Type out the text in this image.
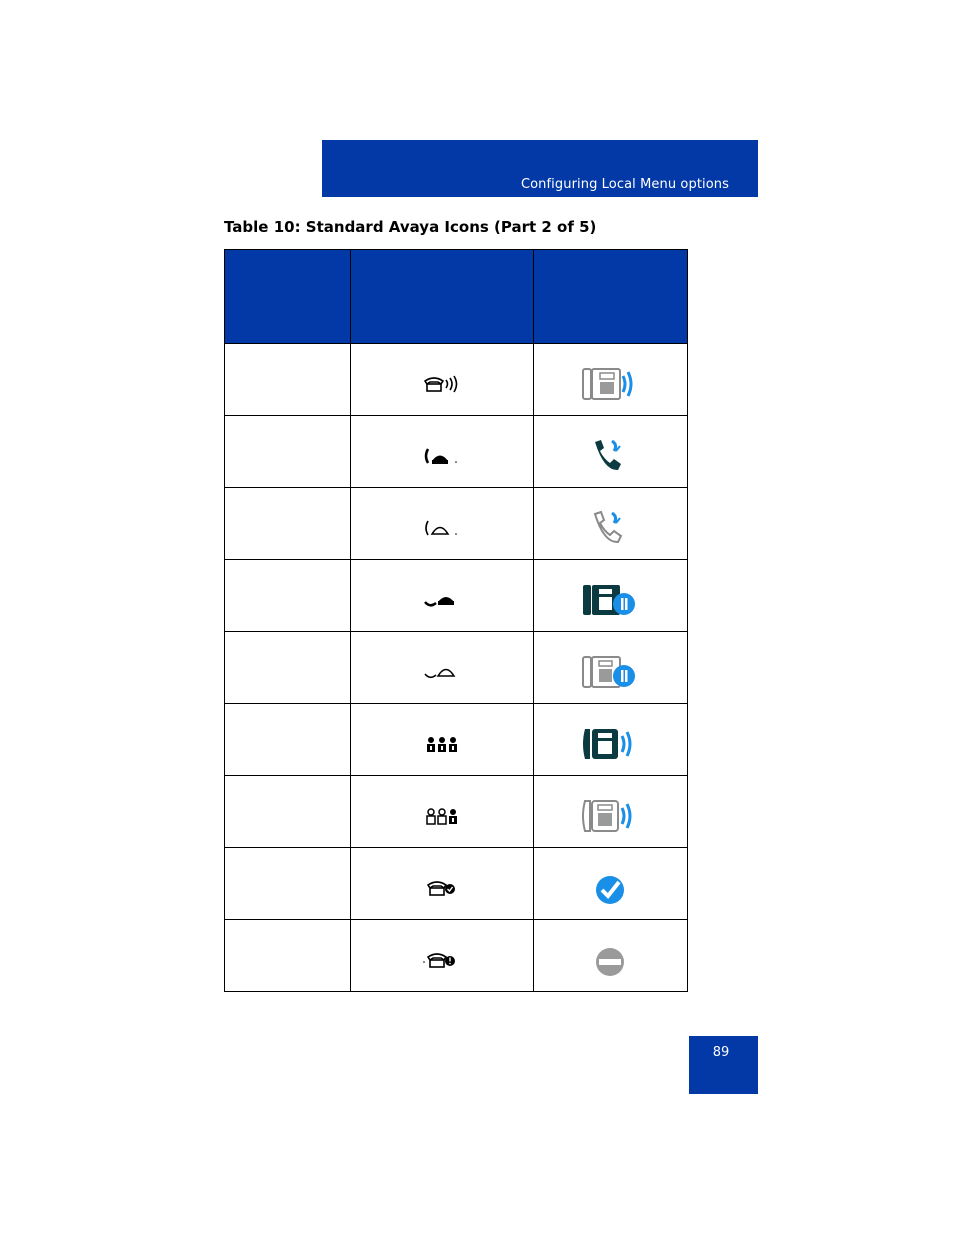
Configuring Local Menu options
Table 10: Standard Avaya Icons (Part 2 of 5)

89
